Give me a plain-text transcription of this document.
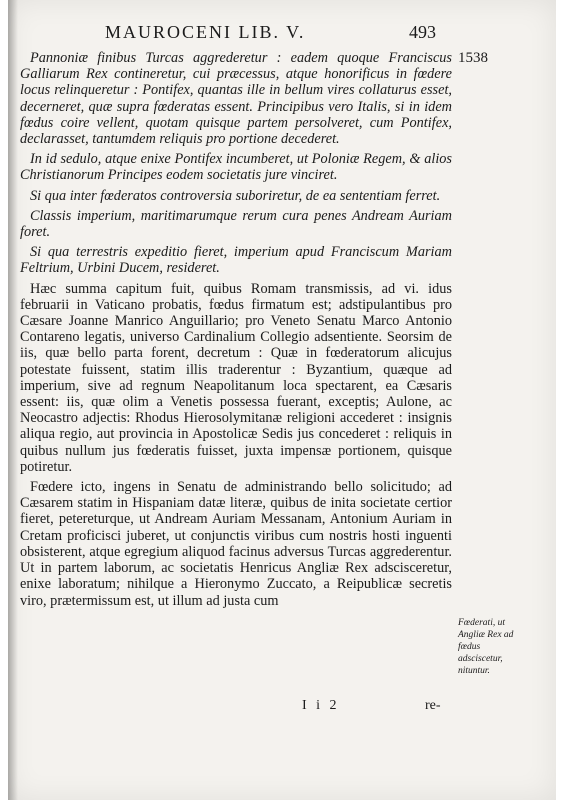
MAUROCENI LIB. V.	493
1538

Pannoniæ finibus Turcas aggrederetur : eadem quoque Franciscus Galliarum Rex contineretur, cui præcessus, atque honorificus in fœdere locus relinqueretur : Pontifex, quantas ille in bellum vires collaturus esset, decerneret, quæ supra fœderatas essent. Principibus vero Italis, si in idem fœdus coire vellent, quotam quisque partem persolveret, cum Pontifex, declarasset, tantumdem reliquis pro portione decederet.

In id sedulo, atque enixe Pontifex incumberet, ut Poloniæ Regem, & alios Christianorum Principes eodem societatis jure vinciret.

Si qua inter fœderatos controversia suboriretur, de ea sententiam ferret.

Classis imperium, maritimarumque rerum cura penes Andream Auriam foret.

Si qua terrestris expeditio fieret, imperium apud Franciscum Mariam Feltrium, Urbini Ducem, resideret.

Hæc summa capitum fuit, quibus Romam transmissis, ad vi. idus februarii in Vaticano probatis, fœdus firmatum est; adstipulantibus pro Cæsare Joanne Manrico Anguillario; pro Veneto Senatu Marco Antonio Contareno legatis, universo Cardinalium Collegio adsentiente. Seorsim de iis, quæ bello parta forent, decretum : Quæ in fœderatorum alicujus potestate fuissent, statim illis traderentur : Byzantium, quæque ad imperium, sive ad regnum Neapolitanum loca spectarent, ea Cæsaris essent: iis, quæ olim a Venetis possessa fuerant, exceptis; Aulone, ac Neocastro adjectis: Rhodus Hierosolymitanæ religioni accederet : insignis aliqua regio, aut provincia in Apostolicæ Sedis jus concederet : reliquis in quibus nullum jus fœderatis fuisset, juxta impensæ portionem, quisque potiretur.

Fœdere icto, ingens in Senatu de administrando bello solicitudo; ad Cæsarem statim in Hispaniam datæ literæ, quibus de inita societate certior fieret, petereturque, ut Andream Auriam Messanam, Antonium Auriam in Cretam proficisci juberet, ut conjunctis viribus cum nostris hosti inguenti obsisterent, atque egregium aliquod facinus adversus Turcas aggrederentur. Ut in partem laborum, ac societatis Henricus Angliæ Rex adscisceretur, enixe laboratum; nihilque a Hieronymo Zuccato, a Reipublicæ secretis viro, prætermissum est, ut illum ad justa cum

Fœderati, ut Angliæ Rex ad fœdus adsciscetur, nituntur.
I i 2	re-
